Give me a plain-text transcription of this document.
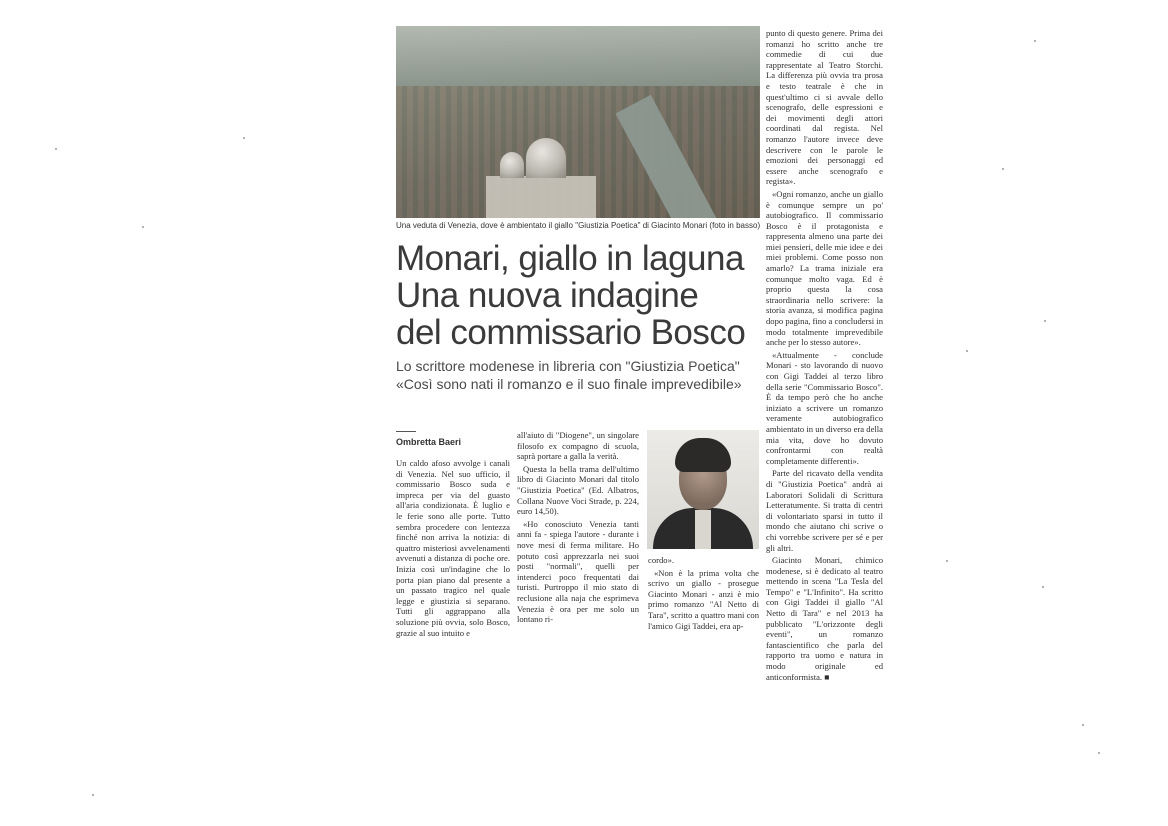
Una veduta di Venezia, dove è ambientato il giallo "Giustizia Poetica" di Giacinto Monari (foto in basso)
Monari, giallo in laguna
Una nuova indagine
del commissario Bosco
Lo scrittore modenese in libreria con "Giustizia Poetica"
«Così sono nati il romanzo e il suo finale imprevedibile»
Ombretta Baeri

Un caldo afoso avvolge i canali di Venezia. Nel suo ufficio, il commissario Bosco suda e impreca per via del guasto all'aria condizionata. È luglio e le ferie sono alle porte. Tutto sembra procedere con lentezza finché non arriva la notizia: di quattro misteriosi avvelenamenti avvenuti a distanza di poche ore. Inizia così un'indagine che lo porta pian piano dal presente a un passato tragico nel quale legge e giustizia si separano. Tutti gli aggrappano alla soluzione più ovvia, solo Bosco, grazie al suo intuito e

all'aiuto di "Diogene", un singolare filosofo ex compagno di scuola, saprà portare a galla la verità.

Questa la bella trama dell'ultimo libro di Giacinto Monari dal titolo "Giustizia Poetica" (Ed. Albatros, Collana Nuove Voci Strade, p. 224, euro 14,50).

«Ho conosciuto Venezia tanti anni fa - spiega l'autore - durante i nove mesi di ferma militare. Ho potuto così apprezzarla nei suoi posti "normali", quelli per intenderci poco frequentati dai turisti. Purtroppo il mio stato di reclusione alla naja che esprimeva Venezia è ora per me solo un lontano ri-

cordo».

«Non è la prima volta che scrivo un giallo - prosegue Giacinto Monari - anzi è mio primo romanzo "Al Netto di Tara", scritto a quattro mani con l'amico Gigi Taddei, era ap-

punto di questo genere. Prima dei romanzi ho scritto anche tre commedie di cui due rappresentate al Teatro Storchi. La differenza più ovvia tra prosa e testo teatrale è che in quest'ultimo ci si avvale dello scenografo, delle espressioni e dei movimenti degli attori coordinati dal regista. Nel romanzo l'autore invece deve descrivere con le parole le emozioni dei personaggi ed essere anche scenografo e regista».

«Ogni romanzo, anche un giallo è comunque sempre un po' autobiografico. Il commissario Bosco è il protagonista e rappresenta almeno una parte dei miei pensieri, delle mie idee e dei miei problemi. Come posso non amarlo? La trama iniziale era comunque molto vaga. Ed è proprio questa la cosa straordinaria nello scrivere: la storia avanza, si modifica pagina dopo pagina, fino a concludersi in modo totalmente imprevedibile anche per lo stesso autore».

«Attualmente - conclude Monari - sto lavorando di nuovo con Gigi Taddei al terzo libro della serie "Commissario Bosco". È da tempo però che ho anche iniziato a scrivere un romanzo veramente autobiografico ambientato in un diverso era della mia vita, dove ho dovuto confrontarmi con realtà completamente differenti».

Parte del ricavato della vendita di "Giustizia Poetica" andrà ai Laboratori Solidali di Scrittura Letteratumente. Si tratta di centri di volontariato sparsi in tutto il mondo che aiutano chi scrive o chi vorrebbe scrivere per sé e per gli altri.

Giacinto Monari, chimico modenese, si è dedicato al teatro mettendo in scena "La Tesla del Tempo" e "L'Infinito". Ha scritto con Gigi Taddei il giallo "Al Netto di Tara" e nel 2013 ha pubblicato "L'orizzonte degli eventi", un romanzo fantascientifico che parla del rapporto tra uomo e natura in modo originale ed anticonformista. ■
